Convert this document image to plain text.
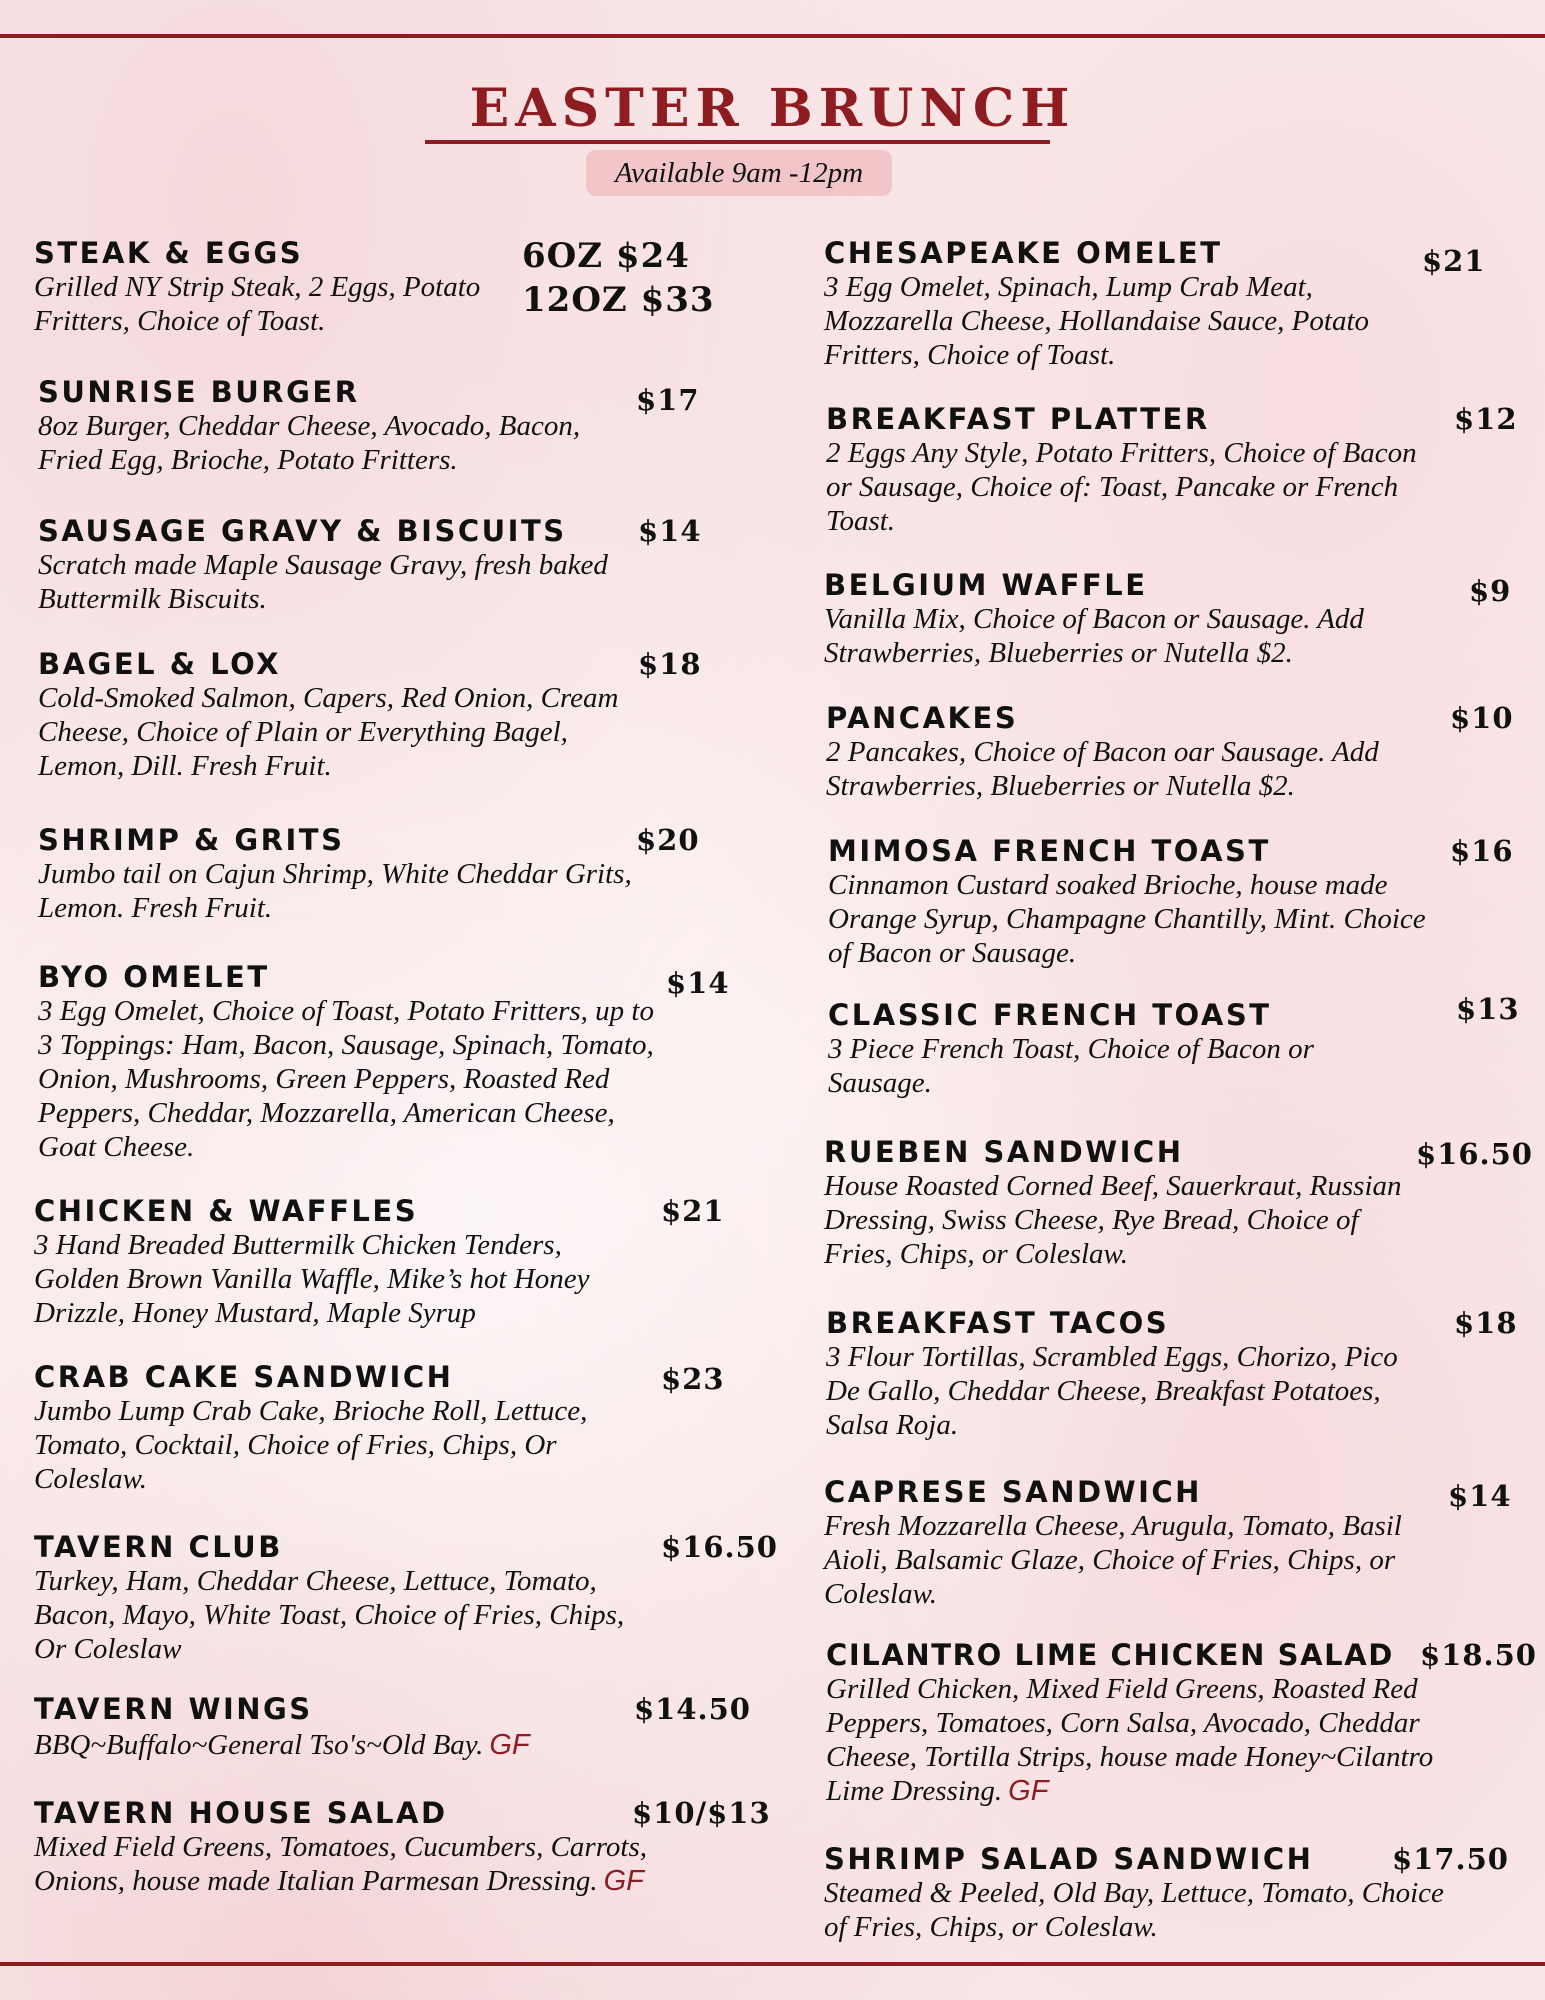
EASTER BRUNCH
Available 9am -12pm
STEAK & EGGS	6OZ $24
12OZ $33
Grilled NY Strip Steak, 2 Eggs, Potato Fritters, Choice of Toast.
SUNRISE BURGER	$17
8oz Burger, Cheddar Cheese, Avocado, Bacon, Fried Egg, Brioche, Potato Fritters.
SAUSAGE GRAVY & BISCUITS $14
Scratch made Maple Sausage Gravy, fresh baked Buttermilk Biscuits.
BAGEL & LOX	$18
Cold-Smoked Salmon, Capers, Red Onion, Cream Cheese, Choice of Plain or Everything Bagel, Lemon, Dill. Fresh Fruit.
SHRIMP & GRITS	$20
Jumbo tail on Cajun Shrimp, White Cheddar Grits, Lemon. Fresh Fruit.
BYO OMELET	$14
3 Egg Omelet, Choice of Toast, Potato Fritters, up to 3 Toppings: Ham, Bacon, Sausage, Spinach, Tomato, Onion, Mushrooms, Green Peppers, Roasted Red Peppers, Cheddar, Mozzarella, American Cheese, Goat Cheese.
CHICKEN & WAFFLES	$21
3 Hand Breaded Buttermilk Chicken Tenders, Golden Brown Vanilla Waffle, Mike’s hot Honey Drizzle, Honey Mustard, Maple Syrup
CRAB CAKE SANDWICH	$23
Jumbo Lump Crab Cake, Brioche Roll, Lettuce, Tomato, Cocktail, Choice of Fries, Chips, Or Coleslaw.
TAVERN CLUB	$16.50
Turkey, Ham, Cheddar Cheese, Lettuce, Tomato, Bacon, Mayo, White Toast, Choice of Fries, Chips, Or Coleslaw
TAVERN WINGS	$14.50
BBQ~Buffalo~General Tso's~Old Bay. GF
TAVERN HOUSE SALAD	$10/$13
Mixed Field Greens, Tomatoes, Cucumbers, Carrots, Onions, house made Italian Parmesan Dressing. GF
CHESAPEAKE OMELET	$21
3 Egg Omelet, Spinach, Lump Crab Meat, Mozzarella Cheese, Hollandaise Sauce, Potato Fritters, Choice of Toast.
BREAKFAST PLATTER	$12
2 Eggs Any Style, Potato Fritters, Choice of Bacon or Sausage, Choice of: Toast, Pancake or French Toast.
BELGIUM WAFFLE	$9
Vanilla Mix, Choice of Bacon or Sausage. Add Strawberries, Blueberries or Nutella $2.
PANCAKES	$10
2 Pancakes, Choice of Bacon oar Sausage. Add Strawberries, Blueberries or Nutella $2.
MIMOSA FRENCH TOAST	$16
Cinnamon Custard soaked Brioche, house made Orange Syrup, Champagne Chantilly, Mint. Choice of Bacon or Sausage.
CLASSIC FRENCH TOAST	$13
3 Piece French Toast, Choice of Bacon or Sausage.
RUEBEN SANDWICH	$16.50
House Roasted Corned Beef, Sauerkraut, Russian Dressing, Swiss Cheese, Rye Bread, Choice of Fries, Chips, or Coleslaw.
BREAKFAST TACOS	$18
3 Flour Tortillas, Scrambled Eggs, Chorizo, Pico De Gallo, Cheddar Cheese, Breakfast Potatoes, Salsa Roja.
CAPRESE SANDWICH	$14
Fresh Mozzarella Cheese, Arugula, Tomato, Basil Aioli, Balsamic Glaze, Choice of Fries, Chips, or Coleslaw.
CILANTRO LIME CHICKEN SALAD $18.50
Grilled Chicken, Mixed Field Greens, Roasted Red Peppers, Tomatoes, Corn Salsa, Avocado, Cheddar Cheese, Tortilla Strips, house made Honey~Cilantro Lime Dressing. GF
SHRIMP SALAD SANDWICH	$17.50
Steamed & Peeled, Old Bay, Lettuce, Tomato, Choice of Fries, Chips, or Coleslaw.
